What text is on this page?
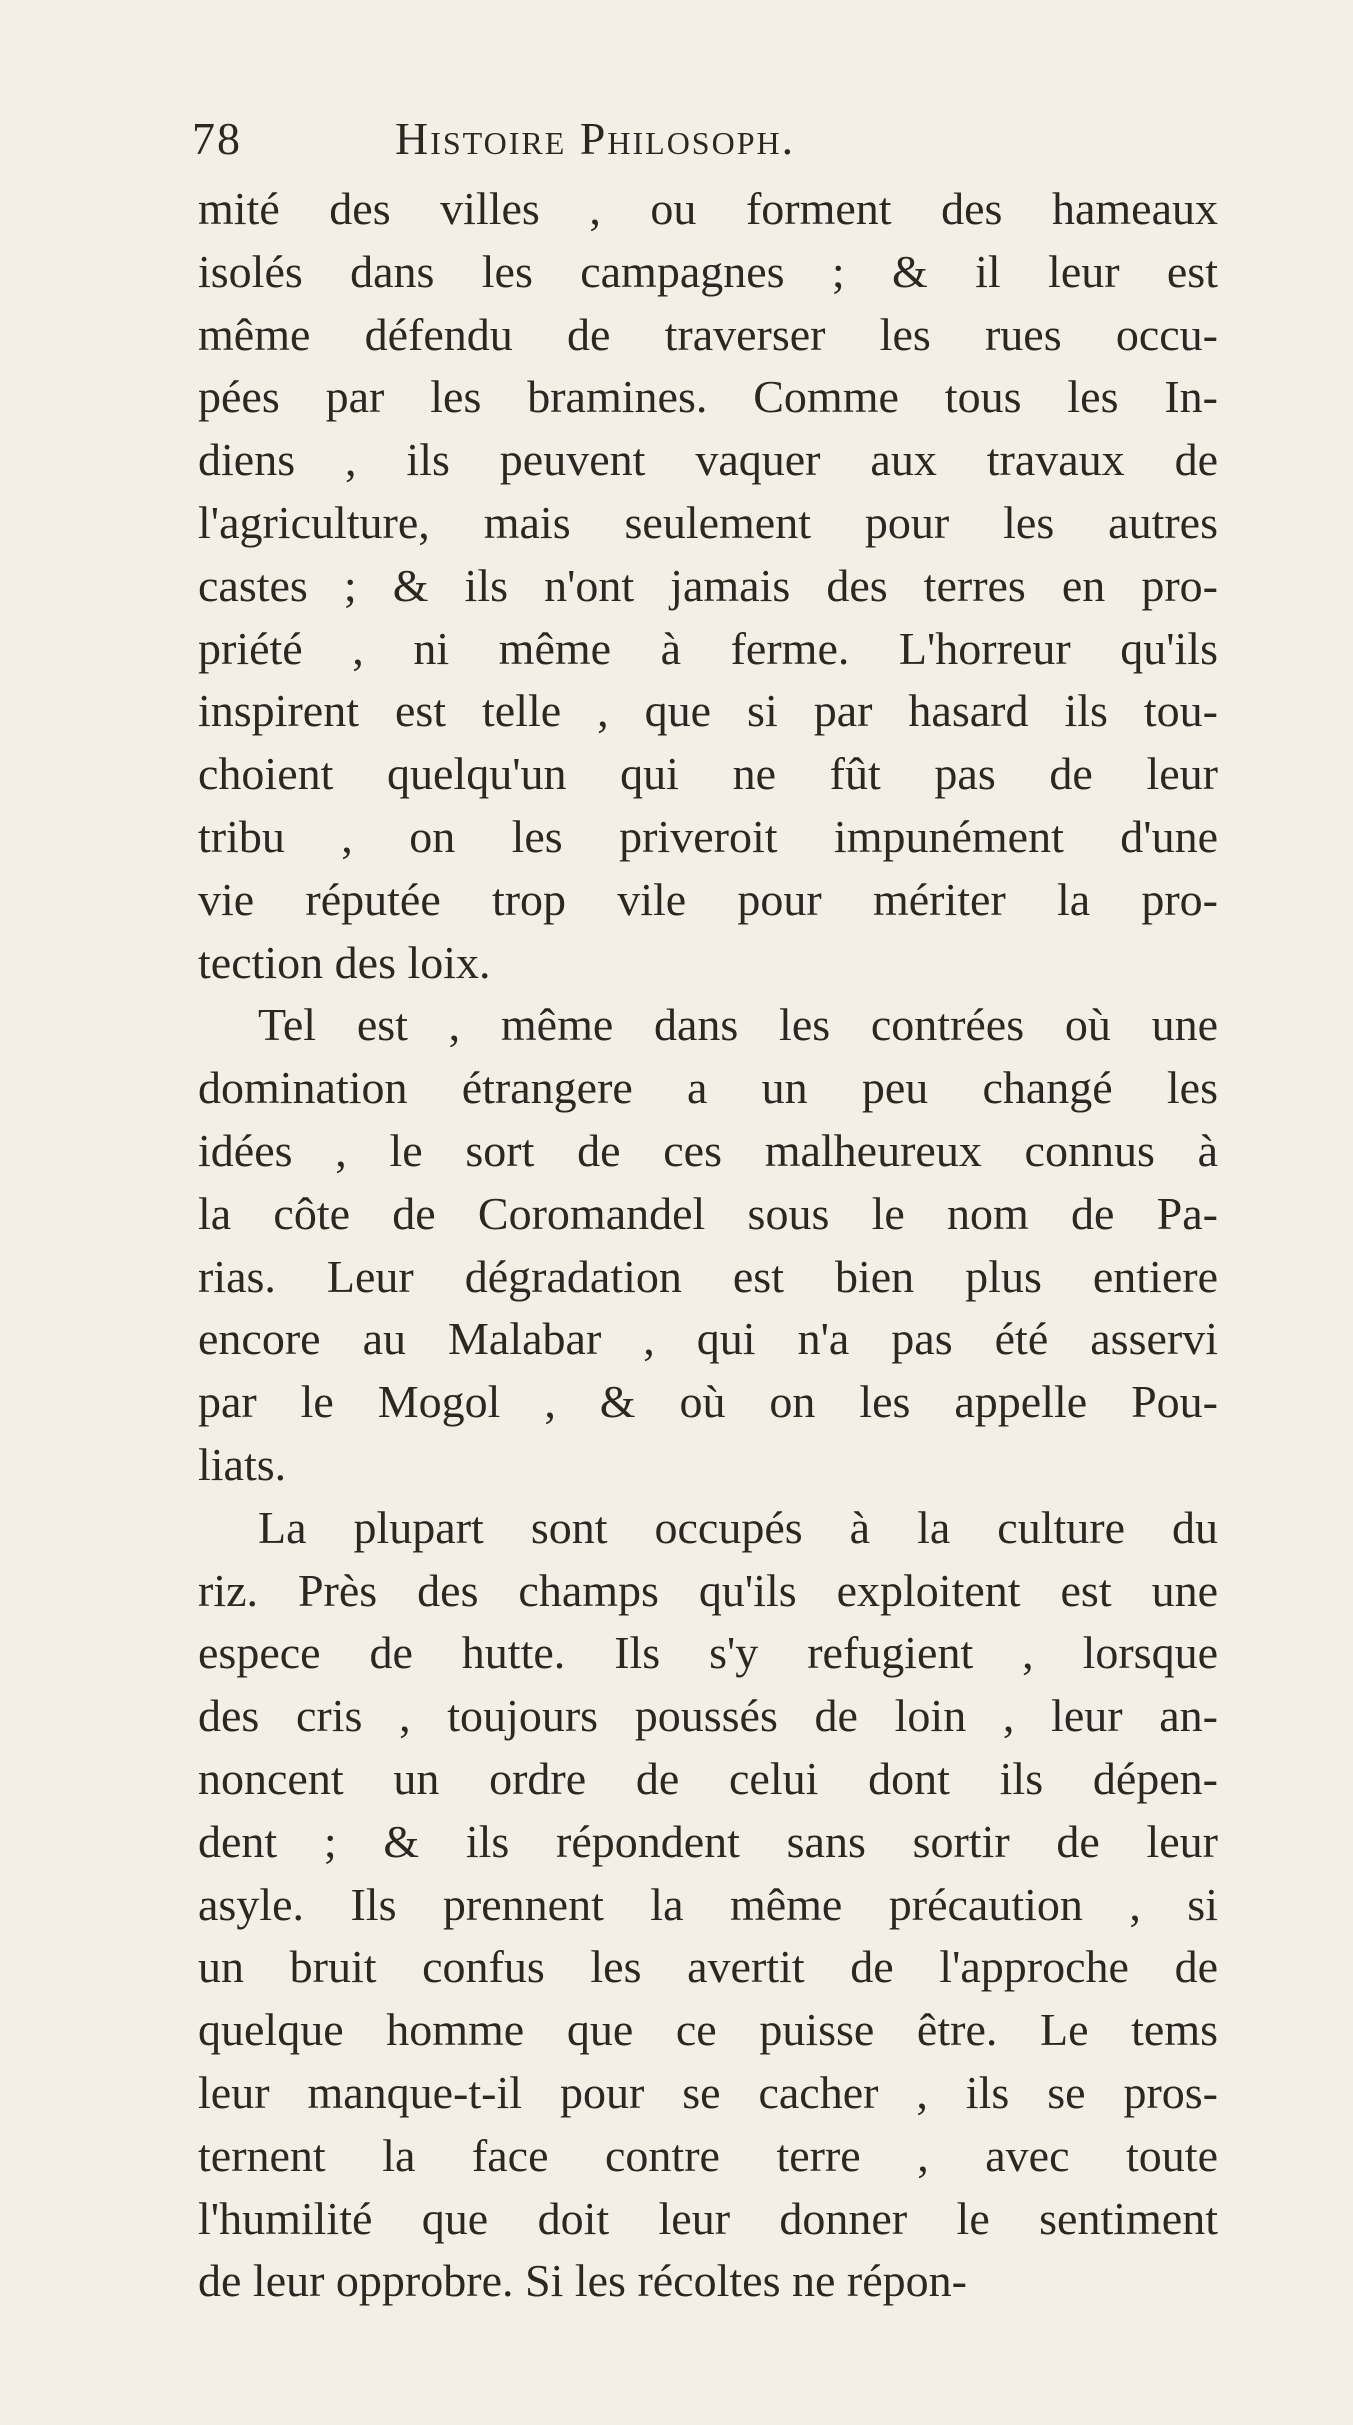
78	Histoire Philosoph.
mité des villes , ou forment des hameaux
isolés dans les campagnes ; & il leur est
même défendu de traverser les rues occu-
pées par les bramines. Comme tous les In-
diens , ils peuvent vaquer aux travaux de
l'agriculture, mais seulement pour les autres
castes ; & ils n'ont jamais des terres en pro-
priété , ni même à ferme. L'horreur qu'ils
inspirent est telle , que si par hasard ils tou-
choient quelqu'un qui ne fût pas de leur
tribu , on les priveroit impunément d'une
vie réputée trop vile pour mériter la pro-
tection des loix.
Tel est , même dans les contrées où une
domination étrangere a un peu changé les
idées , le sort de ces malheureux connus à
la côte de Coromandel sous le nom de Pa-
rias. Leur dégradation est bien plus entiere
encore au Malabar , qui n'a pas été asservi
par le Mogol , & où on les appelle Pou-
liats.
La plupart sont occupés à la culture du
riz. Près des champs qu'ils exploitent est une
espece de hutte. Ils s'y refugient , lorsque
des cris , toujours poussés de loin , leur an-
noncent un ordre de celui dont ils dépen-
dent ; & ils répondent sans sortir de leur
asyle. Ils prennent la même précaution , si
un bruit confus les avertit de l'approche de
quelque homme que ce puisse être. Le tems
leur manque-t-il pour se cacher , ils se pros-
ternent la face contre terre , avec toute
l'humilité que doit leur donner le sentiment
de leur opprobre. Si les récoltes ne répon-
